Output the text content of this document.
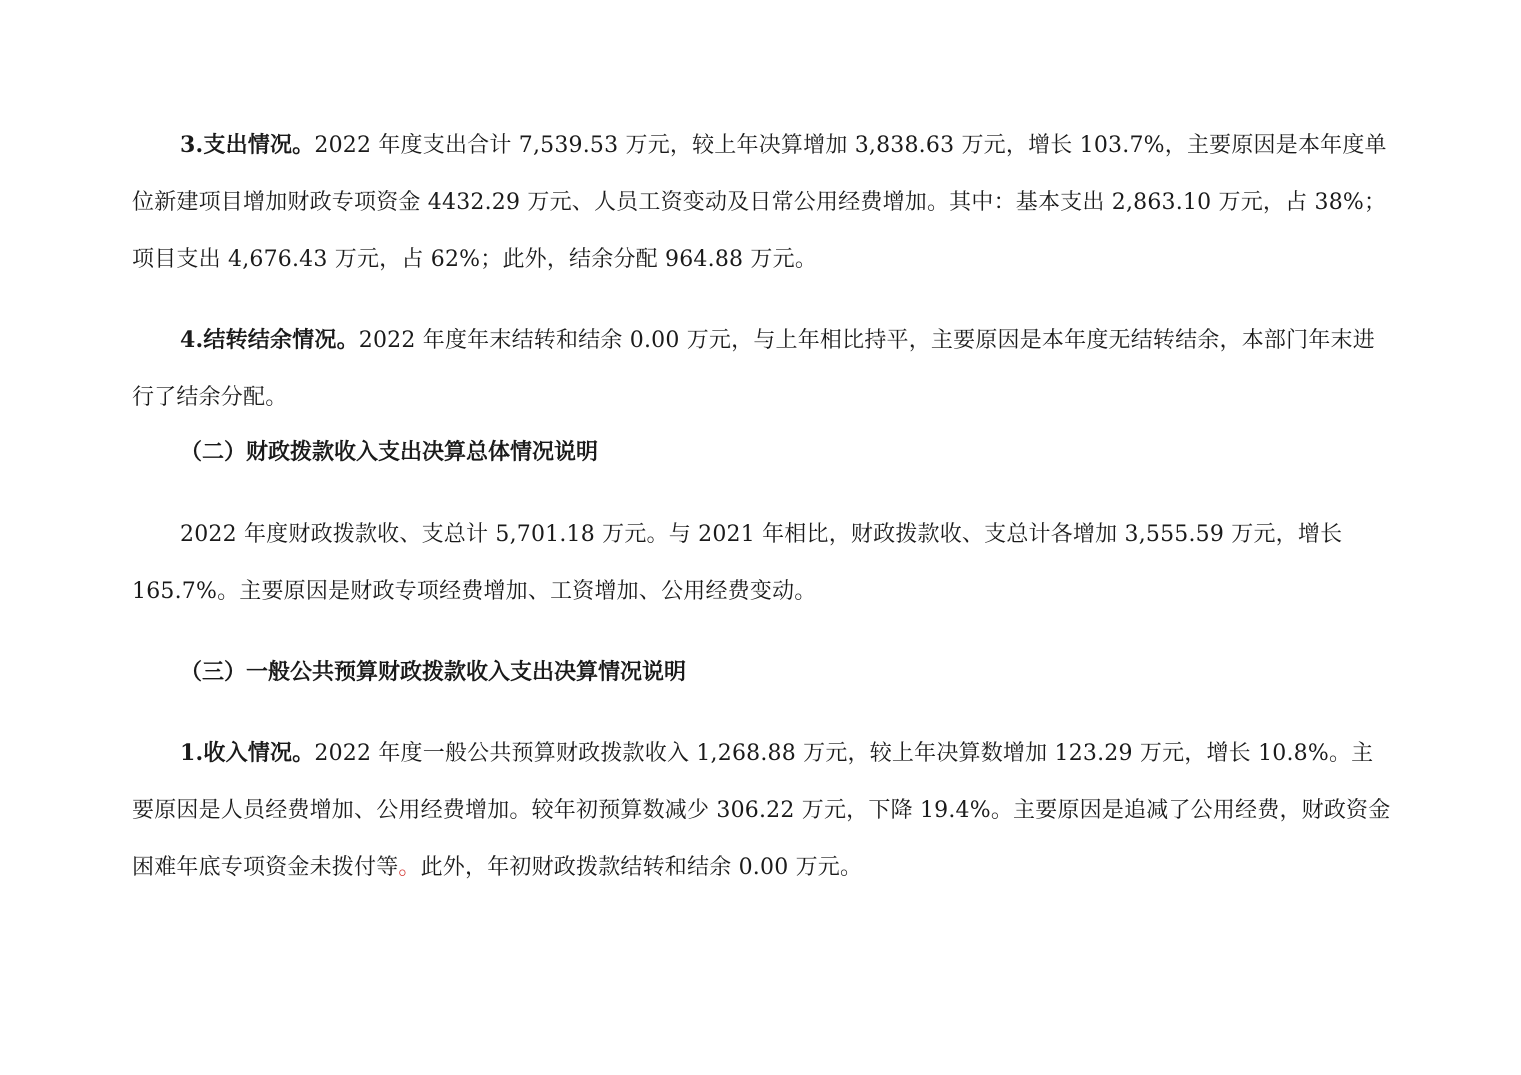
3.支出情况。2022 年度支出合计 7,539.53 万元，较上年决算增加 3,838.63 万元，增长 103.7%，主要原因是本年度单位新建项目增加财政专项资金 4432.29 万元、人员工资变动及日常公用经费增加。其中：基本支出 2,863.10 万元，占 38%；项目支出 4,676.43 万元，占 62%；此外，结余分配 964.88 万元。

4.结转结余情况。2022 年度年末结转和结余 0.00 万元，与上年相比持平，主要原因是本年度无结转结余，本部门年末进行了结余分配。

（二）财政拨款收入支出决算总体情况说明

2022 年度财政拨款收、支总计 5,701.18 万元。与 2021 年相比，财政拨款收、支总计各增加 3,555.59 万元，增长 165.7%。主要原因是财政专项经费增加、工资增加、公用经费变动。

（三）一般公共预算财政拨款收入支出决算情况说明

1.收入情况。2022 年度一般公共预算财政拨款收入 1,268.88 万元，较上年决算数增加 123.29 万元，增长 10.8%。主要原因是人员经费增加、公用经费增加。较年初预算数减少 306.22 万元，下降 19.4%。主要原因是追减了公用经费，财政资金困难年底专项资金未拨付等。此外，年初财政拨款结转和结余 0.00 万元。
